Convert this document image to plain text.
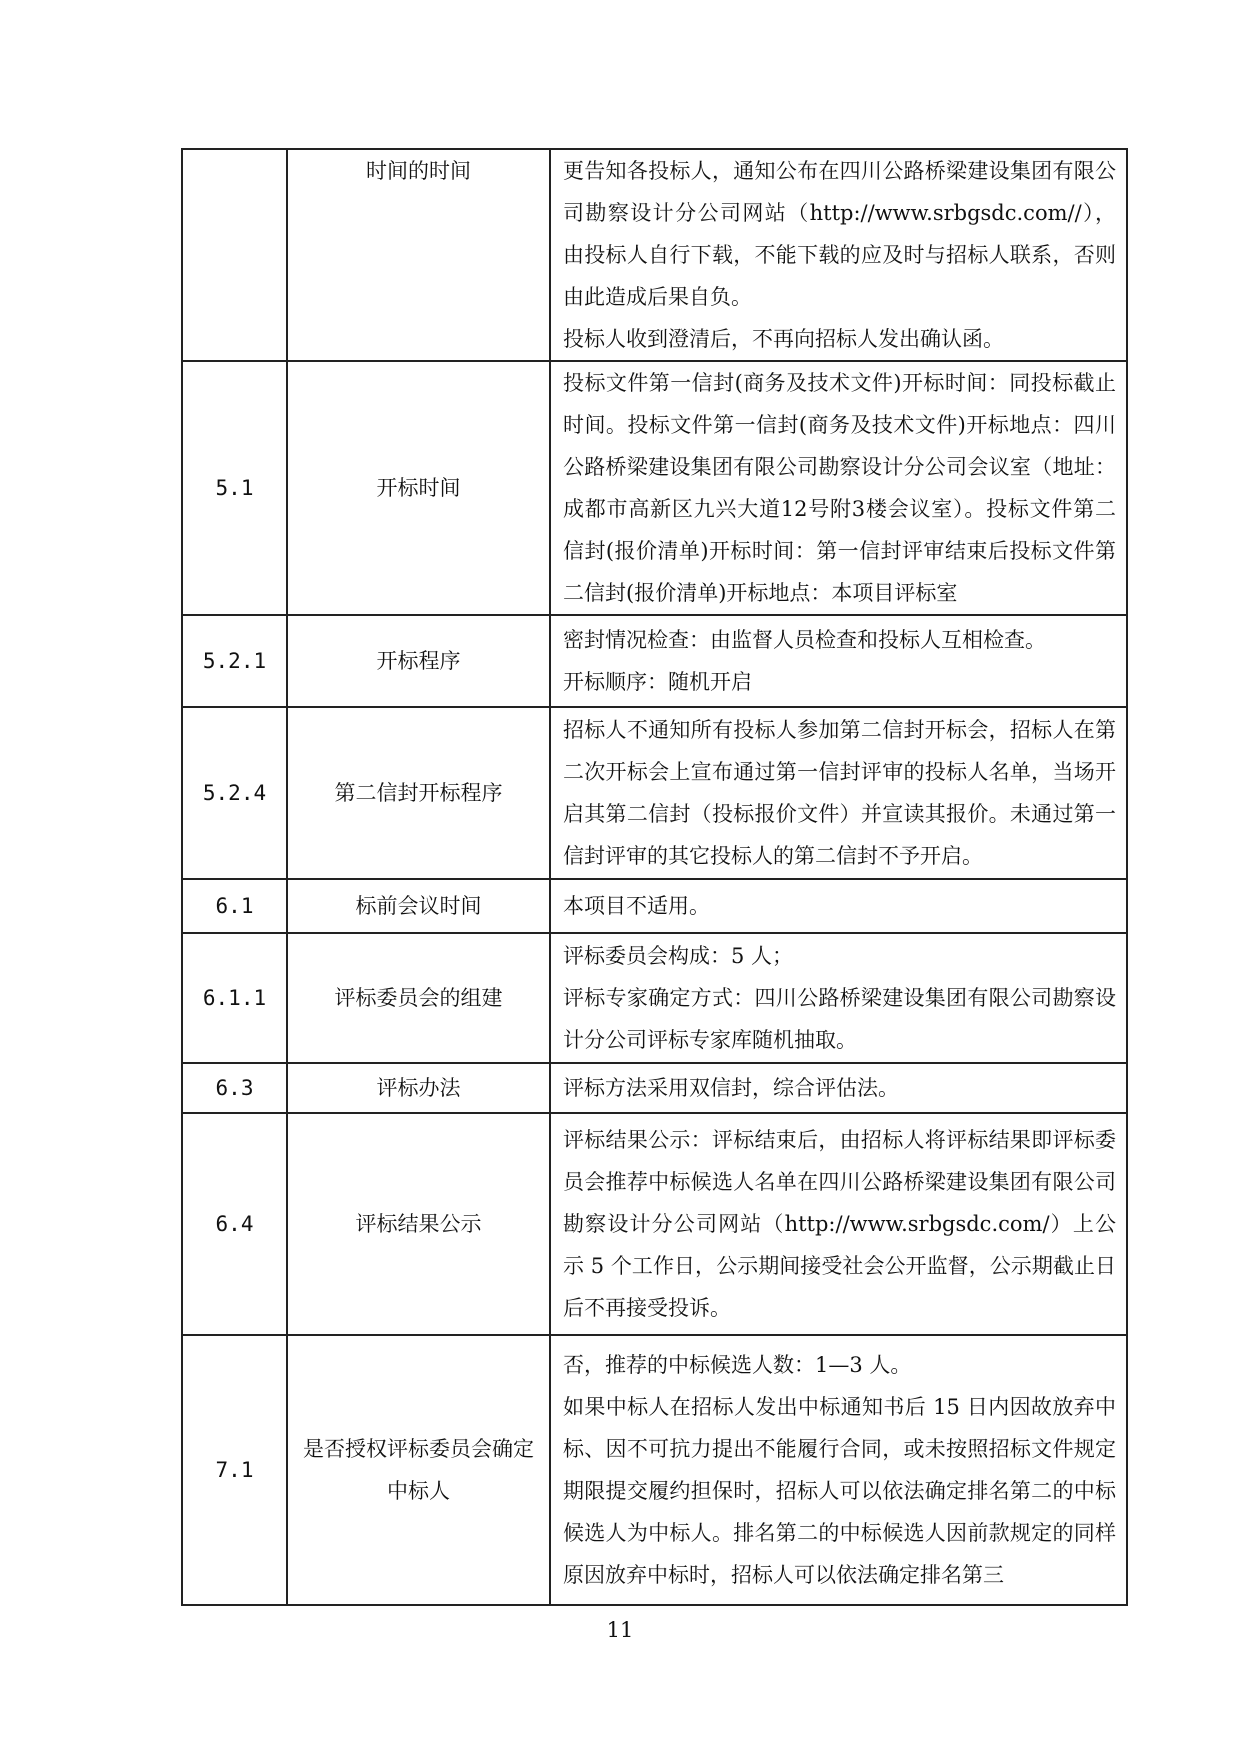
	时间的时间	更告知各投标人，通知公布在四川公路桥梁建设集团有限公司勘察设计分公司网站（http://www.srbgsdc.com//），由投标人自行下载，不能下载的应及时与招标人联系，否则由此造成后果自负。

投标人收到澄清后，不再向招标人发出确认函。

5.1	开标时间	投标文件第一信封(商务及技术文件)开标时间：同投标截止时间。投标文件第一信封(商务及技术文件)开标地点：四川公路桥梁建设集团有限公司勘察设计分公司会议室（地址：成都市高新区九兴大道12号附3楼会议室）。投标文件第二信封(报价清单)开标时间：第一信封评审结束后投标文件第二信封(报价清单)开标地点：本项目评标室

5.2.1	开标程序	密封情况检查：由监督人员检查和投标人互相检查。

开标顺序：随机开启

5.2.4	第二信封开标程序	招标人不通知所有投标人参加第二信封开标会，招标人在第二次开标会上宣布通过第一信封评审的投标人名单，当场开启其第二信封（投标报价文件）并宣读其报价。未通过第一信封评审的其它投标人的第二信封不予开启。

6.1	标前会议时间	本项目不适用。

6.1.1	评标委员会的组建	评标委员会构成：5 人；

评标专家确定方式：四川公路桥梁建设集团有限公司勘察设计分公司评标专家库随机抽取。

6.3	评标办法	评标方法采用双信封，综合评估法。

6.4	评标结果公示	评标结果公示：评标结束后，由招标人将评标结果即评标委员会推荐中标候选人名单在四川公路桥梁建设集团有限公司勘察设计分公司网站（http://www.srbgsdc.com/）上公示 5 个工作日，公示期间接受社会公开监督，公示期截止日后不再接受投诉。

7.1	是否授权评标委员会确定中标人	否，推荐的中标候选人数：1—3 人。

如果中标人在招标人发出中标通知书后 15 日内因故放弃中标、因不可抗力提出不能履行合同，或未按照招标文件规定期限提交履约担保时，招标人可以依法确定排名第二的中标候选人为中标人。排名第二的中标候选人因前款规定的同样原因放弃中标时，招标人可以依法确定排名第三

11
